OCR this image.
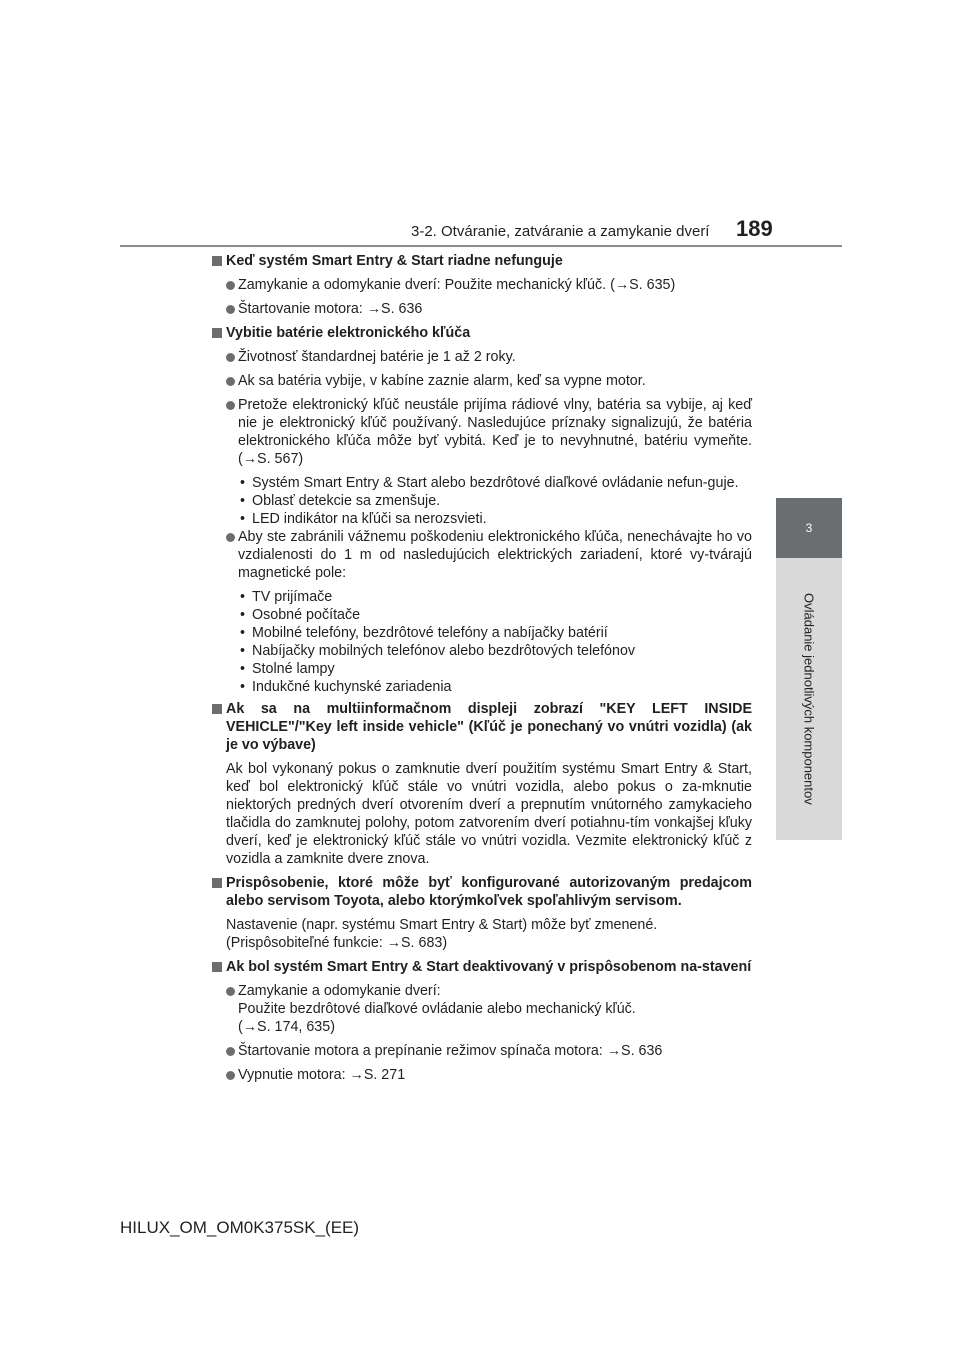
3-2. Otváranie, zatváranie a zamykanie dverí 189
3
Ovládanie jednotlivých komponentov
Keď systém Smart Entry & Start riadne nefunguje
Zamykanie a odomykanie dverí: Použite mechanický kľúč. (→S. 635)
Štartovanie motora: →S. 636
Vybitie batérie elektronického kľúča
Životnosť štandardnej batérie je 1 až 2 roky.
Ak sa batéria vybije, v kabíne zaznie alarm, keď sa vypne motor.
Pretože elektronický kľúč neustále prijíma rádiové vlny, batéria sa vybije, aj keď nie je elektronický kľúč používaný. Nasledujúce príznaky signalizujú, že batéria elektronického kľúča môže byť vybitá. Keď je to nevyhnutné, batériu vymeňte. (→S. 567)
• Systém Smart Entry & Start alebo bezdrôtové diaľkové ovládanie nefun-guje.
• Oblasť detekcie sa zmenšuje.
• LED indikátor na kľúči sa nerozsvieti.
Aby ste zabránili vážnemu poškodeniu elektronického kľúča, nenechávajte ho vo vzdialenosti do 1 m od nasledujúcich elektrických zariadení, ktoré vy-tvárajú magnetické pole:
• TV prijímače
• Osobné počítače
• Mobilné telefóny, bezdrôtové telefóny a nabíjačky batérií
• Nabíjačky mobilných telefónov alebo bezdrôtových telefónov
• Stolné lampy
• Indukčné kuchynské zariadenia
Ak sa na multiinformačnom displeji zobrazí "KEY LEFT INSIDE VEHICLE"/"Key left inside vehicle" (Kľúč je ponechaný vo vnútri vozidla) (ak je vo výbave)
Ak bol vykonaný pokus o zamknutie dverí použitím systému Smart Entry & Start, keď bol elektronický kľúč stále vo vnútri vozidla, alebo pokus o za-mknutie niektorých predných dverí otvorením dverí a prepnutím vnútorného zamykacieho tlačidla do zamknutej polohy, potom zatvorením dverí potiahnu-tím vonkajšej kľuky dverí, keď je elektronický kľúč stále vo vnútri vozidla. Vezmite elektronický kľúč z vozidla a zamknite dvere znova.
Prispôsobenie, ktoré môže byť konfigurované autorizovaným predajcom alebo servisom Toyota, alebo ktorýmkoľvek spoľahlivým servisom.
Nastavenie (napr. systému Smart Entry & Start) môže byť zmenené.
(Prispôsobiteľné funkcie: →S. 683)
Ak bol systém Smart Entry & Start deaktivovaný v prispôsobenom na-stavení
Zamykanie a odomykanie dverí:
Použite bezdrôtové diaľkové ovládanie alebo mechanický kľúč.
(→S. 174, 635)
Štartovanie motora a prepínanie režimov spínača motora: →S. 636
Vypnutie motora: →S. 271
HILUX_OM_OM0K375SK_(EE)
